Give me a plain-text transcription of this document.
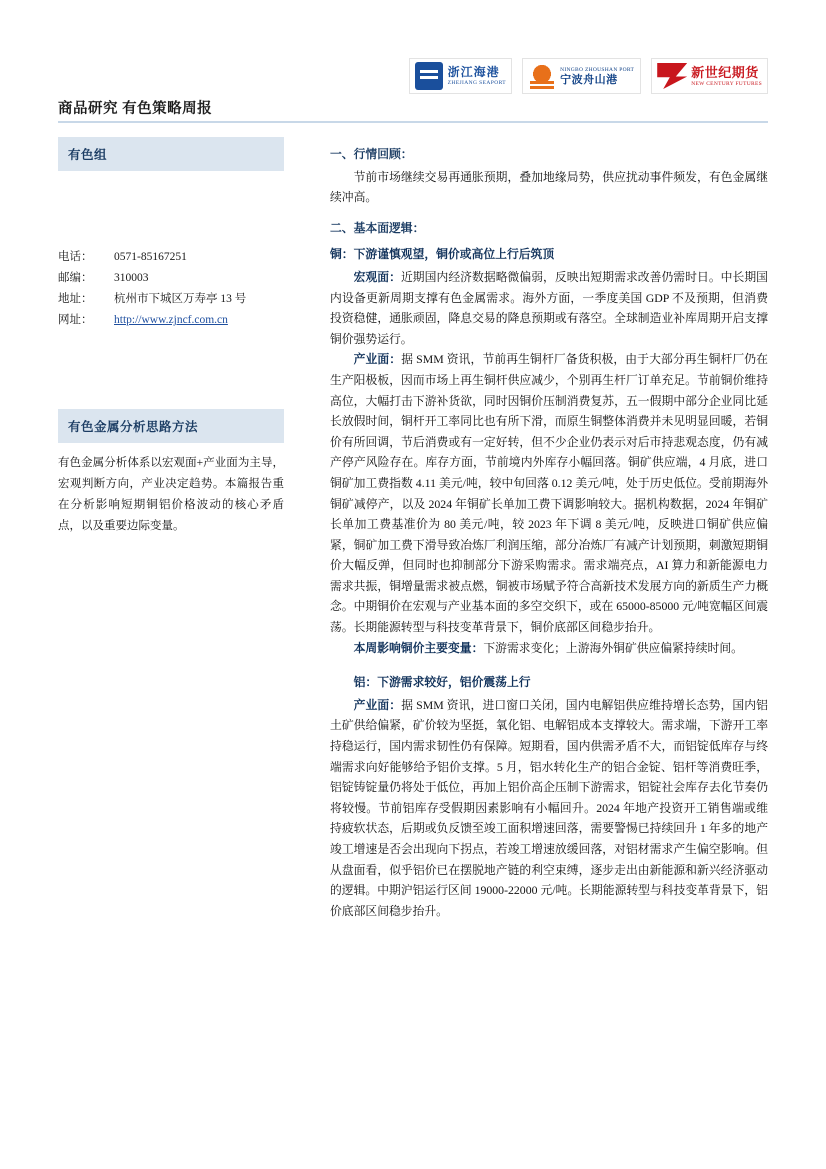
浙江海港
ZHEJIANG SEAPORT
NINGBO ZHOUSHAN PORT
宁波舟山港	新世纪期货
NEW CENTURY FUTURES
商品研究 有色策略周报
有色组
电话：	0571-85167251
邮编：	310003
地址：	杭州市下城区万寿亭 13 号
网址：	http://www.zjncf.com.cn
有色金属分析思路方法
有色金属分析体系以宏观面+产业面为主导，宏观判断方向，产业决定趋势。本篇报告重在分析影响短期铜铝价格波动的核心矛盾点，以及重要边际变量。
一、行情回顾：

节前市场继续交易再通胀预期，叠加地缘局势，供应扰动事件频发，有色金属继续冲高。

二、基本面逻辑：
铜：下游谨慎观望，铜价或高位上行后筑顶

宏观面：近期国内经济数据略微偏弱，反映出短期需求改善仍需时日。中长期国内设备更新周期支撑有色金属需求。海外方面，一季度美国 GDP 不及预期，但消费投资稳健，通胀顽固，降息交易的降息预期或有落空。全球制造业补库周期开启支撑铜价强势运行。

产业面：据 SMM 资讯，节前再生铜杆厂备货积极，由于大部分再生铜杆厂仍在生产阳极板，因而市场上再生铜杆供应减少，个别再生杆厂订单充足。节前铜价维持高位，大幅打击下游补货欲，同时因铜价压制消费复苏，五一假期中部分企业同比延长放假时间，铜杆开工率同比也有所下滑，而原生铜整体消费并未见明显回暖，若铜价有所回调，节后消费或有一定好转，但不少企业仍表示对后市持悲观态度，仍有减产停产风险存在。库存方面，节前境内外库存小幅回落。铜矿供应端，4 月底，进口铜矿加工费指数 4.11 美元/吨，较中旬回落 0.12 美元/吨，处于历史低位。受前期海外铜矿减停产，以及 2024 年铜矿长单加工费下调影响较大。据机构数据，2024 年铜矿长单加工费基准价为 80 美元/吨，较 2023 年下调 8 美元/吨，反映进口铜矿供应偏紧，铜矿加工费下滑导致冶炼厂利润压缩，部分冶炼厂有减产计划预期，刺激短期铜价大幅反弹，但同时也抑制部分下游采购需求。需求端亮点，AI 算力和新能源电力需求共振，铜增量需求被点燃，铜被市场赋予符合高新技术发展方向的新质生产力概念。中期铜价在宏观与产业基本面的多空交织下，或在 65000-85000 元/吨宽幅区间震荡。长期能源转型与科技变革背景下，铜价底部区间稳步抬升。

本周影响铜价主要变量：下游需求变化；上游海外铜矿供应偏紧持续时间。

铝：下游需求较好，铝价震荡上行

产业面：据 SMM 资讯，进口窗口关闭，国内电解铝供应维持增长态势，国内铝土矿供给偏紧，矿价较为坚挺，氧化铝、电解铝成本支撑较大。需求端，下游开工率持稳运行，国内需求韧性仍有保障。短期看，国内供需矛盾不大，而铝锭低库存与终端需求向好能够给予铝价支撑。5 月，铝水转化生产的铝合金锭、铝杆等消费旺季，铝锭铸锭量仍将处于低位，再加上铝价高企压制下游需求，铝锭社会库存去化节奏仍将较慢。节前铝库存受假期因素影响有小幅回升。2024 年地产投资开工销售端或维持疲软状态，后期或负反馈至竣工面积增速回落，需要警惕已持续回升 1 年多的地产竣工增速是否会出现向下拐点，若竣工增速放缓回落，对铝材需求产生偏空影响。但从盘面看，似乎铝价已在摆脱地产链的利空束缚，逐步走出由新能源和新兴经济驱动的逻辑。中期沪铝运行区间 19000-22000 元/吨。长期能源转型与科技变革背景下，铝价底部区间稳步抬升。
